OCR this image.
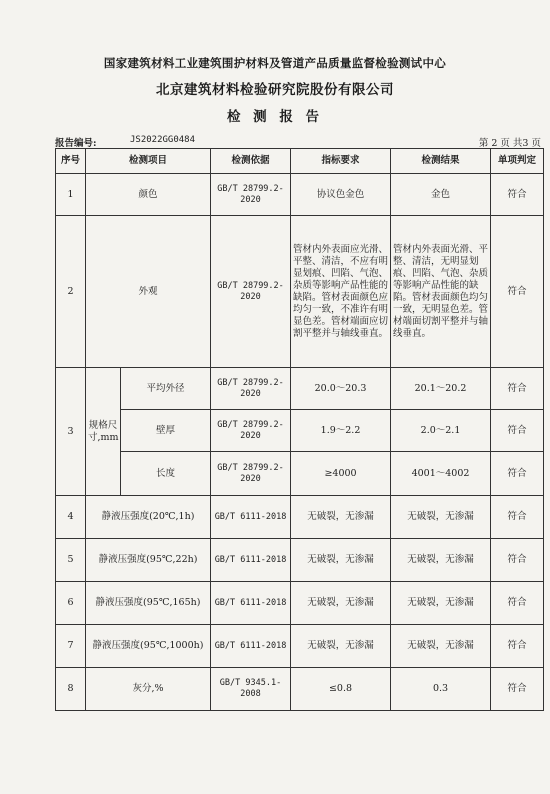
国家建筑材料工业建筑围护材料及管道产品质量监督检验测试中心
北京建筑材料检验研究院股份有限公司
检 测 报 告
报告编号:	JS2022GG0484	第 2 页 共3 页
序号	检测项目		检测依据	指标要求	检测结果	单项判定
1	颜色		GB/T 28799.2-2020	协议色金色	金色	符合
2	外观		GB/T 28799.2-2020	管材内外表面应光滑、平整、清洁，不应有明显划痕、凹陷、气泡、杂质等影响产品性能的缺陷。管材表面颜色应均匀一致，不准许有明显色差。管材端面应切割平整并与轴线垂直。	管材内外表面光滑、平整、清洁，无明显划痕、凹陷、气泡、杂质等影响产品性能的缺陷。管材表面颜色均匀一致，无明显色差。管材端面切割平整并与轴线垂直。	符合
3	规格尺寸,mm	平均外径	GB/T 28799.2-2020	20.0～20.3	20.1～20.2	符合
		壁厚	GB/T 28799.2-2020	1.9～2.2	2.0～2.1	符合
		长度	GB/T 28799.2-2020	≥4000	4001～4002	符合
4	静液压强度(20℃,1h)		GB/T 6111-2018	无破裂，无渗漏	无破裂，无渗漏	符合
5	静液压强度(95℃,22h)		GB/T 6111-2018	无破裂，无渗漏	无破裂，无渗漏	符合
6	静液压强度(95℃,165h)		GB/T 6111-2018	无破裂，无渗漏	无破裂，无渗漏	符合
7	静液压强度(95℃,1000h)		GB/T 6111-2018	无破裂，无渗漏	无破裂，无渗漏	符合
8	灰分,%		GB/T 9345.1-2008	≤0.8	0.3	符合
